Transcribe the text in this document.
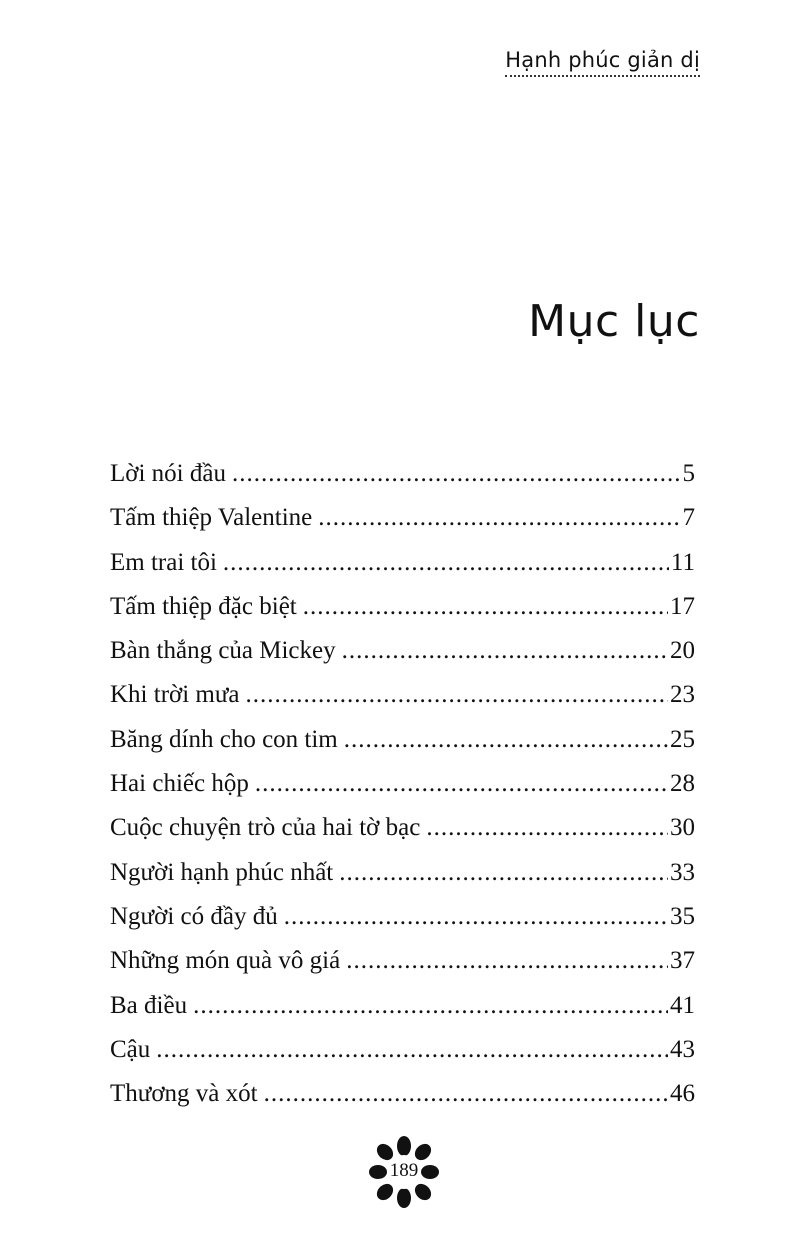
Hạnh phúc giản dị
Mục lục
Lời nói đầu .....	5
Tấm thiệp Valentine .....	7
Em trai tôi .....	11
Tấm thiệp đặc biệt .....	17
Bàn thắng của Mickey .....	20
Khi trời mưa .....	23
Băng dính cho con tim .....	25
Hai chiếc hộp .....	28
Cuộc chuyện trò của hai tờ bạc .....	30
Người hạnh phúc nhất .....	33
Người có đầy đủ .....	35
Những món quà vô giá .....	37
Ba điều .....	41
Cậu .....	43
Thương và xót .....	46
189
